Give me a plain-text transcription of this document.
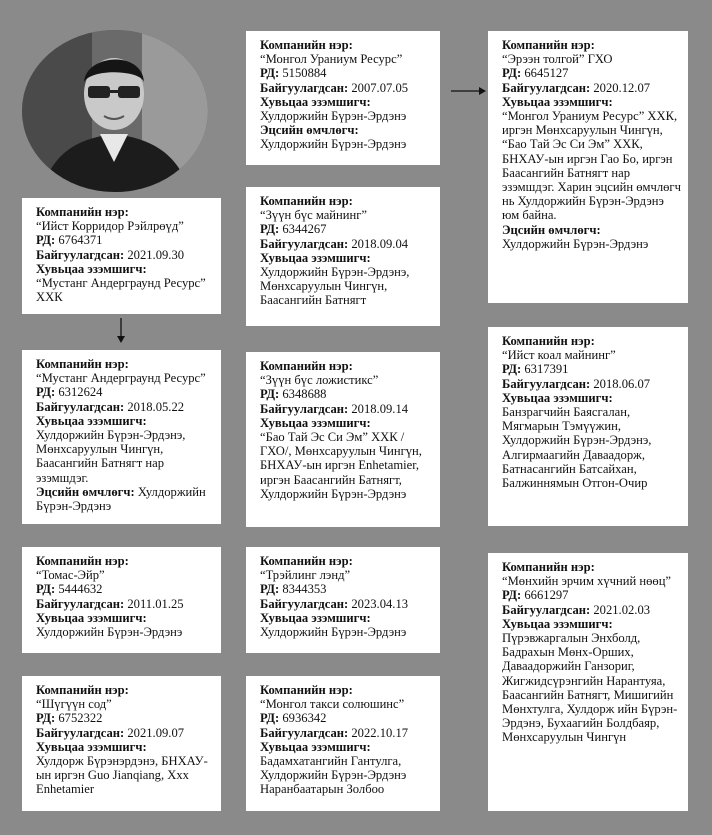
Компанийн нэр:
“Монгол Ураниум Ресурс”
РД: 5150884
Байгуулагдсан: 2007.07.05
Хувьцаа эзэмшигч:
Хулдоржийн Бүрэн-Эрдэнэ
Эцсийн өмчлөгч:
Хулдоржийн Бүрэн-Эрдэнэ
Компанийн нэр:
“Эрээн толгой” ГХО
РД: 6645127
Байгуулагдсан: 2020.12.07
Хувьцаа эзэмшигч:
“Монгол Ураниум Ресурс” ХХК, иргэн Мөнхсаруулын Чингүн, “Бао Тай Эс Си Эм” ХХК, БНХАУ-ын иргэн Гао Бо, иргэн Баасангийн Батнягт нар эзэмшдэг. Харин эцсийн өмчлөгч нь Хулдоржийн Бүрэн-Эрдэнэ юм байна.
Эцсийн өмчлөгч:
Хулдоржийн Бүрэн-Эрдэнэ
Компанийн нэр:
“Ийст Корридор Рэйлрөүд”
РД: 6764371
Байгуулагдсан: 2021.09.30
Хувьцаа эзэмшигч:
“Мустанг Андерграунд Ресурс” ХХК
Компанийн нэр:
“Зүүн бүс майнинг”
РД: 6344267
Байгуулагдсан: 2018.09.04
Хувьцаа эзэмшигч:
Хулдоржийн Бүрэн-Эрдэнэ, Мөнхсаруулын Чингүн, Баасангийн Батнягт
Компанийн нэр:
“Ийст коал майнинг”
РД: 6317391
Байгуулагдсан: 2018.06.07
Хувьцаа эзэмшигч:
Банзрагчийн Баясгалан, Мягмарын Тэмүүжин, Хулдоржийн Бүрэн-Эрдэнэ, Алгирмаагийн Даваадорж, Батнасангийн Батсайхан, Балжиннямын Отгон-Очир
Компанийн нэр:
“Мустанг Андерграунд Ресурс”
РД: 6312624
Байгуулагдсан: 2018.05.22
Хувьцаа эзэмшигч:
Хулдоржийн Бүрэн-Эрдэнэ, Мөнхсаруулын Чингүн, Баасангийн Батнягт нар эзэмшдэг.
Эцсийн өмчлөгч: Хулдоржийн Бүрэн-Эрдэнэ
Компанийн нэр:
“Зүүн бүс ложистикс”
РД: 6348688
Байгуулагдсан: 2018.09.14
Хувьцаа эзэмшигч:
“Бао Тай Эс Си Эм” ХХК / ГХО/, Мөнхсаруулын Чингүн, БНХАУ-ын иргэн Enhetamier, иргэн Баасангийн Батнягт, Хулдоржийн Бүрэн-Эрдэнэ
Компанийн нэр:
“Томас-Эйр”
РД: 5444632
Байгуулагдсан: 2011.01.25
Хувьцаа эзэмшигч:
Хулдоржийн Бүрэн-Эрдэнэ
Компанийн нэр:
“Трэйлинг лэнд”
РД: 8344353
Байгуулагдсан: 2023.04.13
Хувьцаа эзэмшигч:
Хулдоржийн Бүрэн-Эрдэнэ
Компанийн нэр:
“Мөнхийн эрчим хүчний нөөц”
РД: 6661297
Байгуулагдсан: 2021.02.03
Хувьцаа эзэмшигч:
Пүрэвжаргалын Энхболд, Бадрахын Мөнх-Орших, Даваадоржийн Ганзориг, Жигжидсүрэнгийн Нарантуяа, Баасангийн Батнягт, Мишигийн Мөнхтулга, Хулдорж ийн Бүрэн-Эрдэнэ, Бухаагийн Болдбаяр, Мөнхсаруулын Чингүн
Компанийн нэр:
“Шүгүүн сод”
РД: 6752322
Байгуулагдсан: 2021.09.07
Хувьцаа эзэмшигч:
Хулдорж Бүрэнэрдэнэ, БНХАУ-ын иргэн Guo Jianqiang, Xxx Enhetamier
Компанийн нэр:
“Монгол такси солюшинс”
РД: 6936342
Байгуулагдсан: 2022.10.17
Хувьцаа эзэмшигч:
Бадамхатангийн Гантулга, Хулдоржийн Бүрэн-Эрдэнэ Наранбаатарын Золбоо
